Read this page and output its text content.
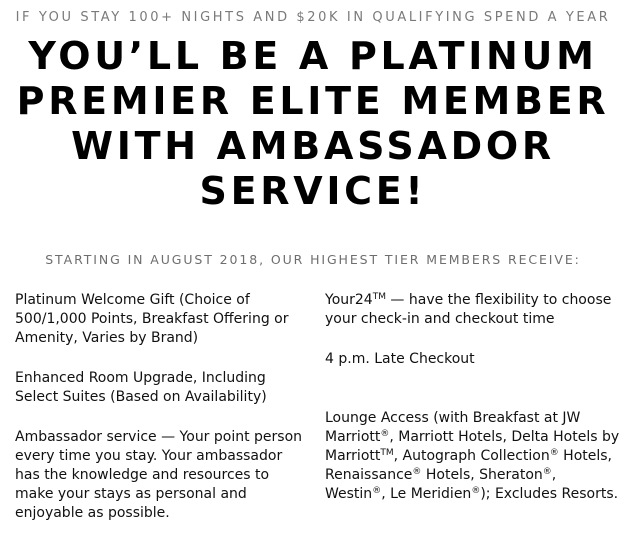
IF YOU STAY 100+ NIGHTS AND $20K IN QUALIFYING SPEND A YEAR
YOU’LL BE A PLATINUM
PREMIER ELITE MEMBER
WITH AMBASSADOR
SERVICE!
STARTING IN AUGUST 2018, OUR HIGHEST TIER MEMBERS RECEIVE:

Platinum Welcome Gift (Choice of 500/1,000 Points, Breakfast Offering or Amenity, Varies by Brand)

Enhanced Room Upgrade, Including Select Suites (Based on Availability)

Ambassador service — Your point person every time you stay. Your ambassador has the knowledge and resources to make your stays as personal and enjoyable as possible.

Your24™ — have the flexibility to choose your check-in and checkout time

4 p.m. Late Checkout

Lounge Access (with Breakfast at JW Marriott®, Marriott Hotels, Delta Hotels by Marriott™, Autograph Collection® Hotels, Renaissance® Hotels, Sheraton®, Westin®, Le Meridien®); Excludes Resorts.
